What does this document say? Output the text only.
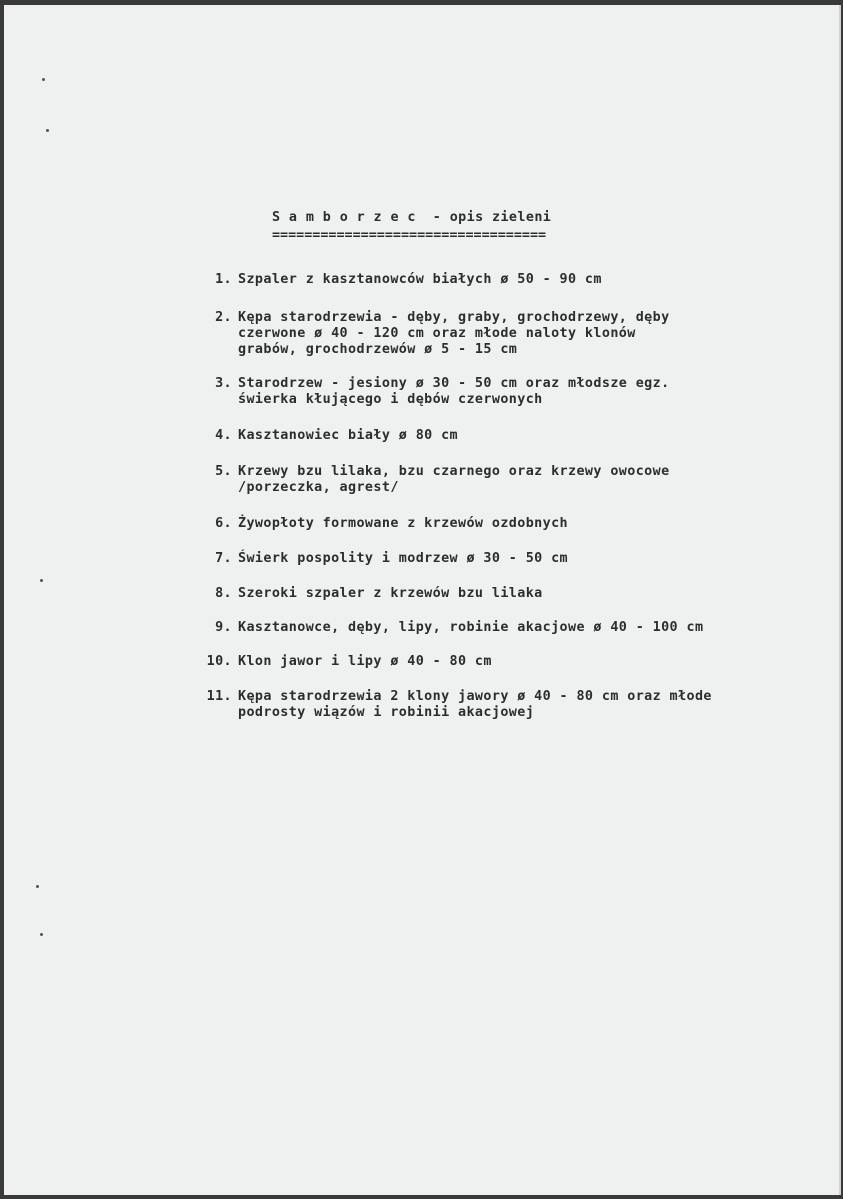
S a m b o r z e c  - opis zieleni
==================================
1. Szpaler z kasztanowców białych ø 50 - 90 cm
2. Kępa starodrzewia - dęby, graby, grochodrzewy, dęby
czerwone ø 40 - 120 cm oraz młode naloty klonów
grabów, grochodrzewów ø 5 - 15 cm
3. Starodrzew - jesiony ø 30 - 50 cm oraz młodsze egz.
świerka kłującego i dębów czerwonych
4. Kasztanowiec biały ø 80 cm
5. Krzewy bzu lilaka, bzu czarnego oraz krzewy owocowe
/porzeczka, agrest/
6. Żywopłoty formowane z krzewów ozdobnych
7. Świerk pospolity i modrzew ø 30 - 50 cm
8. Szeroki szpaler z krzewów bzu lilaka
9. Kasztanowce, dęby, lipy, robinie akacjowe ø 40 - 100 cm
10. Klon jawor i lipy ø 40 - 80 cm
11. Kępa starodrzewia 2 klony jawory ø 40 - 80 cm oraz młode
podrosty wiązów i robinii akacjowej
